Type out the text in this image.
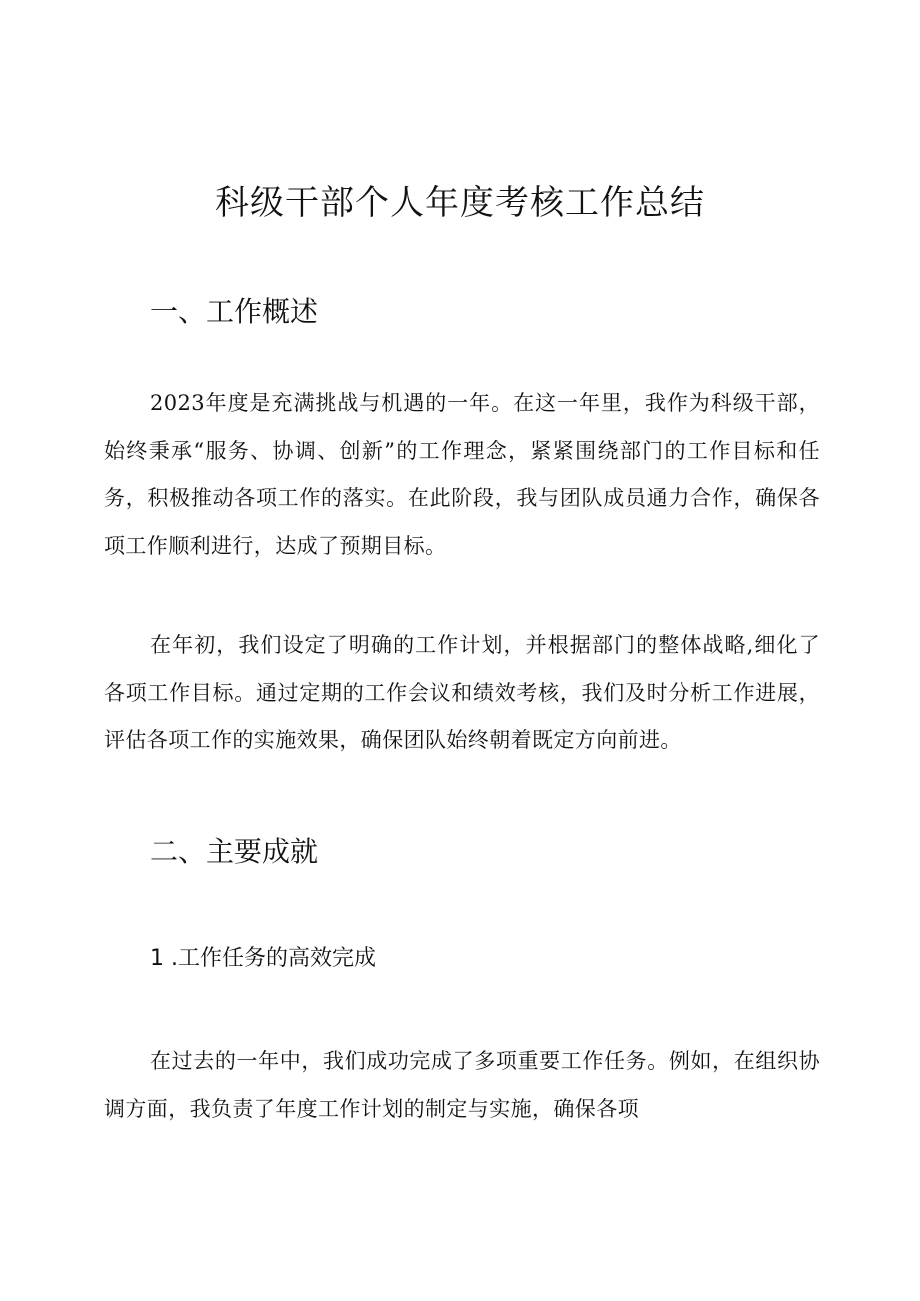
科级干部个人年度考核工作总结
一、工作概述

2023年度是充满挑战与机遇的一年。在这一年里，我作为科级干部，始终秉承“服务、协调、创新”的工作理念，紧紧围绕部门的工作目标和任务，积极推动各项工作的落实。在此阶段，我与团队成员通力合作，确保各项工作顺利进行，达成了预期目标。

在年初，我们设定了明确的工作计划，并根据部门的整体战略,细化了各项工作目标。通过定期的工作会议和绩效考核，我们及时分析工作进展，评估各项工作的实施效果，确保团队始终朝着既定方向前进。

二、主要成就
1 .工作任务的高效完成

在过去的一年中，我们成功完成了多项重要工作任务。例如，在组织协调方面，我负责了年度工作计划的制定与实施，确保各项
